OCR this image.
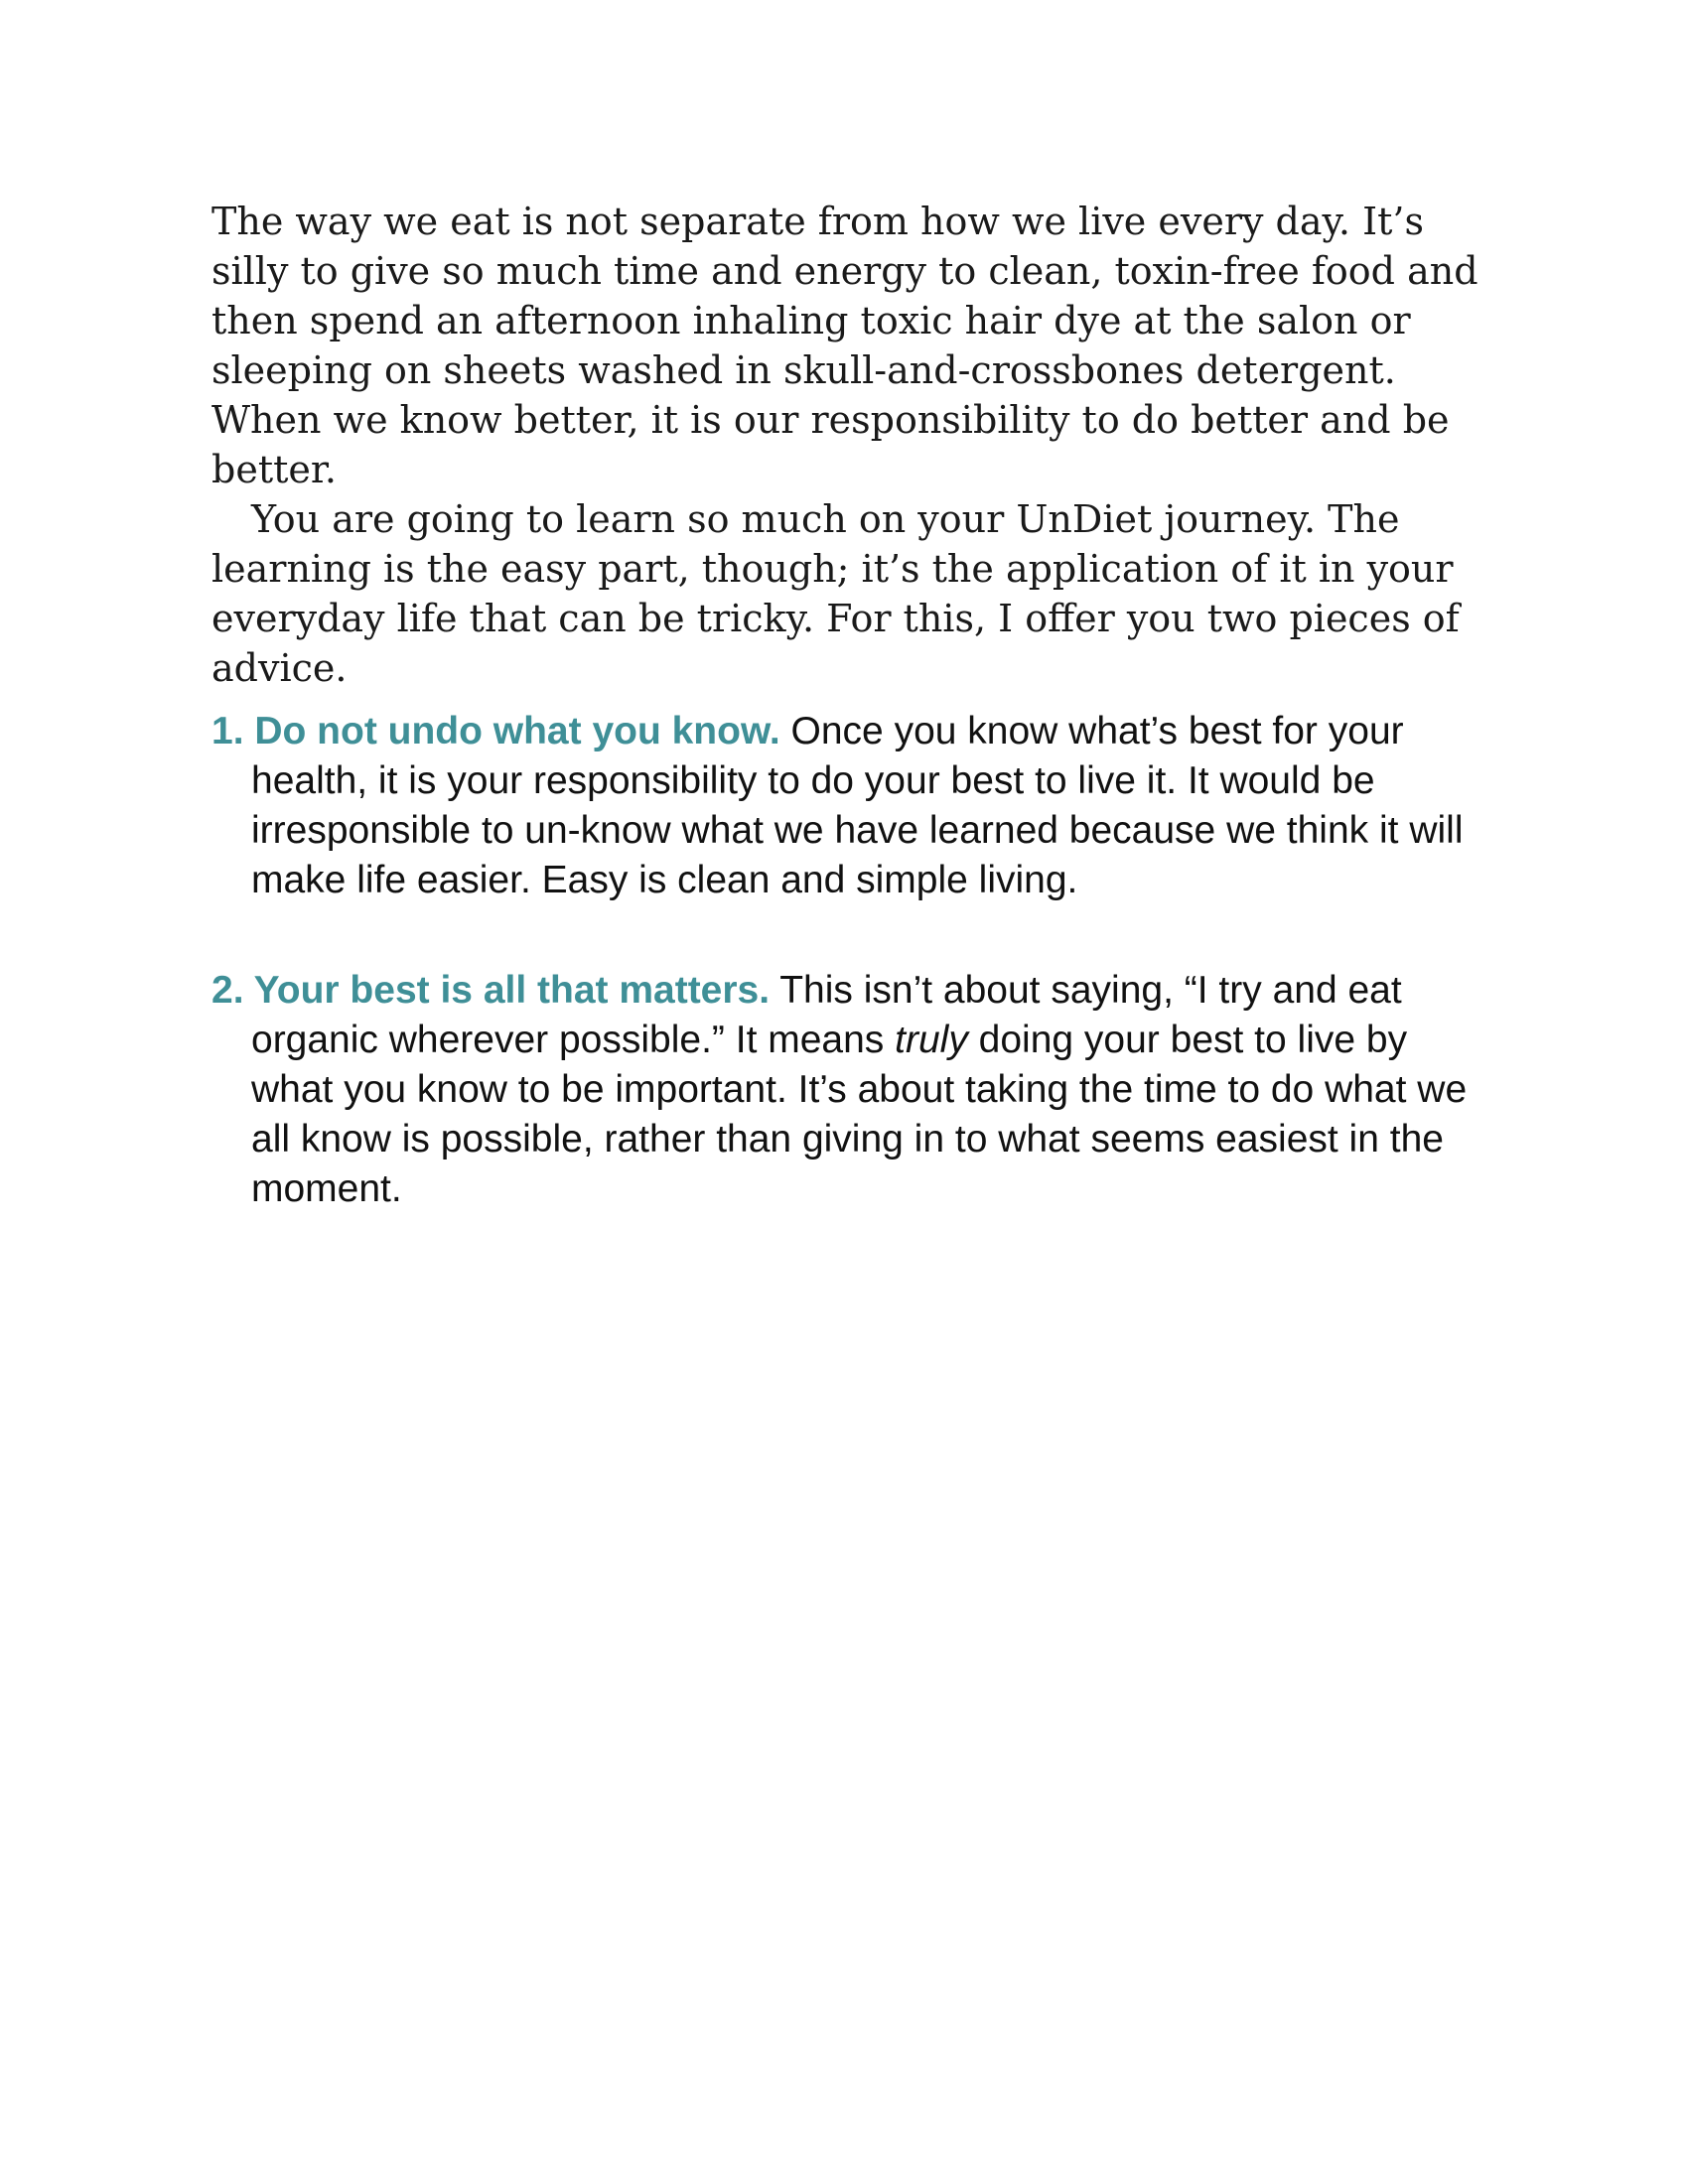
The way we eat is not separate from how we live every day. It’s silly to give so much time and energy to clean, toxin-free food and then spend an afternoon inhaling toxic hair dye at the salon or sleeping on sheets washed in skull-and-crossbones detergent. When we know better, it is our responsibility to do better and be better.

You are going to learn so much on your UnDiet journey. The learning is the easy part, though; it’s the application of it in your everyday life that can be tricky. For this, I offer you two pieces of advice.

1. Do not undo what you know. Once you know what’s best for your health, it is your responsibility to do your best to live it. It would be irresponsible to un-know what we have learned because we think it will make life easier. Easy is clean and simple living.
2. Your best is all that matters. This isn’t about saying, “I try and eat organic wherever possible.” It means truly doing your best to live by what you know to be important. It’s about taking the time to do what we all know is possible, rather than giving in to what seems easiest in the moment.
